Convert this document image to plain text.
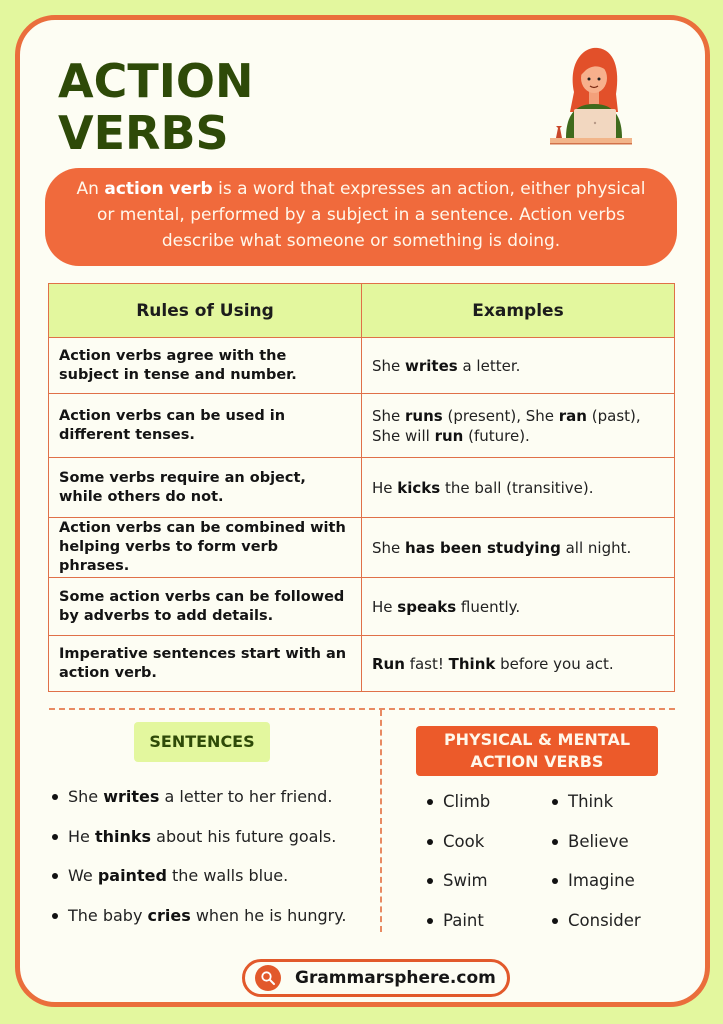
ACTION
VERBS
An action verb is a word that expresses an action, either physical or mental, performed by a subject in a sentence. Action verbs describe what someone or something is doing.
Rules of Using	Examples
Action verbs agree with the subject in tense and number.	She writes a letter.
Action verbs can be used in different tenses.	She runs (present), She ran (past), She will run (future).
Some verbs require an object, while others do not.	He kicks the ball (transitive).
Action verbs can be combined with helping verbs to form verb phrases.	She has been studying all night.
Some action verbs can be followed by adverbs to add details.	He speaks fluently.
Imperative sentences start with an action verb.	Run fast! Think before you act.
SENTENCES
She writes a letter to her friend.
He thinks about his future goals.
We painted the walls blue.
The baby cries when he is hungry.
PHYSICAL & MENTAL
ACTION VERBS
Climb
Cook
Swim
Paint
Think
Believe
Imagine
Consider
Grammarsphere.com
